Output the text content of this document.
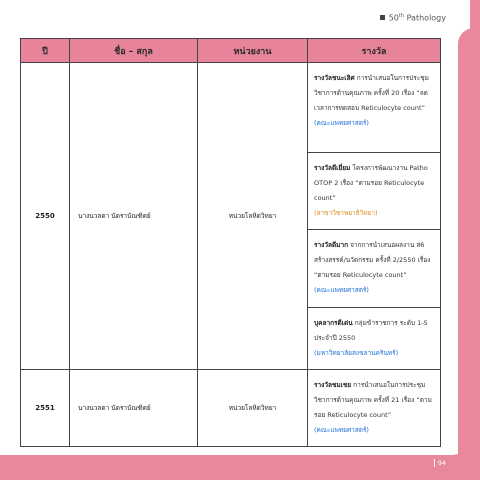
50th Pathology
ปี	ชื่อ – สกุล	หน่วยงาน	รางวัล
2550	นางนวลตา นัดราบัณฑิตย์	หน่วยโลหิตวิทยา	รางวัลชนะเลิศ การนำเสนอในการประชุมวิชาการด้านคุณภาพ ครั้งที่ 20 เรื่อง “ลดเวลาการทดสอบ Reticulocyte count”
(คณะแพทยศาสตร์)
			รางวัลดีเยี่ยม โครงการพัฒนางาน Patho OTOP 2 เรื่อง “ตามรอย Reticulocyte count”
(สาขาวิชาพยาธิวิทยา)
			รางวัลดีมาก จากการนำเสนอผลงาน ส6 สร้างสรรค์/นวัตกรรม ครั้งที่ 2/2550 เรื่อง “ตามรอย Reticulocyte count”
(คณะแพทยศาสตร์)
			บุคลากรดีเด่น กลุ่มข้าราชการ ระดับ 1-5 ประจำปี 2550
(มหาวิทยาลัยสงขลานครินทร์)
2551	นางนวลตา นัดราบัณฑิตย์	หน่วยโลหิตวิทยา	รางวัลชมเชย การนำเสนอในการประชุมวิชาการด้านคุณภาพ ครั้งที่ 21 เรื่อง “ตามรอย Reticulocyte count”
(คณะแพทยศาสตร์)
94
